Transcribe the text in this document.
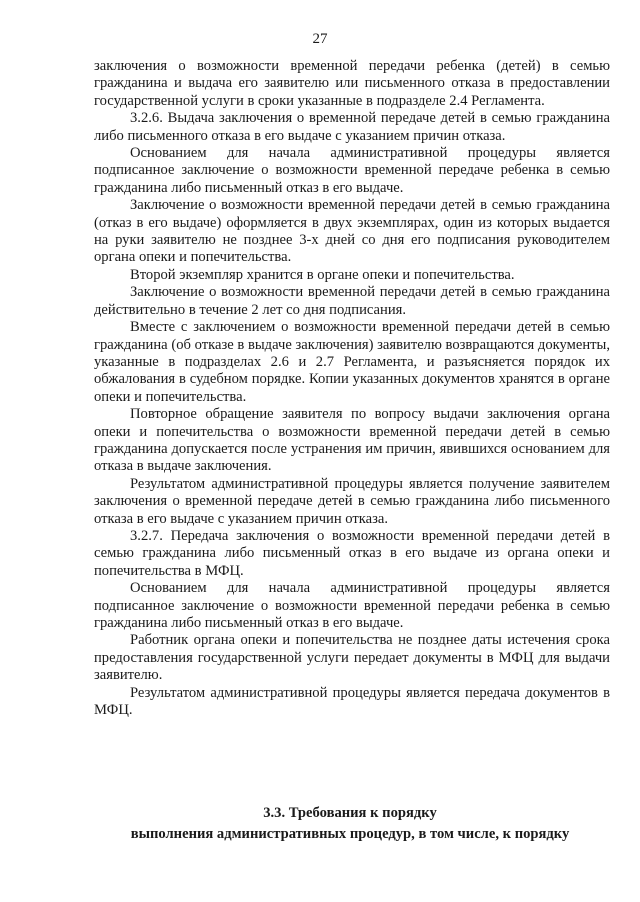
27

заключения о возможности временной передачи ребенка (детей) в семью гражданина и выдача его заявителю или письменного отказа в предоставлении государственной услуги в сроки указанные в подразделе 2.4 Регламента.

3.2.6. Выдача заключения о временной передаче детей в семью гражданина либо письменного отказа в его выдаче с указанием причин отказа.

Основанием для начала административной процедуры является подписанное заключение о возможности временной передаче ребенка в семью гражданина либо письменный отказ в его выдаче.

Заключение о возможности временной передачи детей в семью гражданина (отказ в его выдаче) оформляется в двух экземплярах, один из которых выдается на руки заявителю не позднее 3-х дней со дня его подписания руководителем органа опеки и попечительства.

Второй экземпляр хранится в органе опеки и попечительства.

Заключение о возможности временной передачи детей в семью гражданина действительно в течение 2 лет со дня подписания.

Вместе с заключением о возможности временной передачи детей в семью гражданина (об отказе в выдаче заключения) заявителю возвращаются документы, указанные в подразделах 2.6 и 2.7 Регламента, и разъясняется порядок их обжалования в судебном порядке. Копии указанных документов хранятся в органе опеки и попечительства.

Повторное обращение заявителя по вопросу выдачи заключения органа опеки и попечительства о возможности временной передачи детей в семью гражданина допускается после устранения им причин, явившихся основанием для отказа в выдаче заключения.

Результатом административной процедуры является получение заявителем заключения о временной передаче детей в семью гражданина либо письменного отказа в его выдаче с указанием причин отказа.

3.2.7. Передача заключения о возможности временной передачи детей в семью гражданина либо письменный отказ в его выдаче из органа опеки и попечительства в МФЦ.

Основанием для начала административной процедуры является подписанное заключение о возможности временной передачи ребенка в семью гражданина либо письменный отказ в его выдаче.

Работник органа опеки и попечительства не позднее даты истечения срока предоставления государственной услуги передает документы в МФЦ для выдачи заявителю.

Результатом административной процедуры является передача документов в МФЦ.

3.3. Требования к порядку
выполнения административных процедур, в том числе, к порядку
